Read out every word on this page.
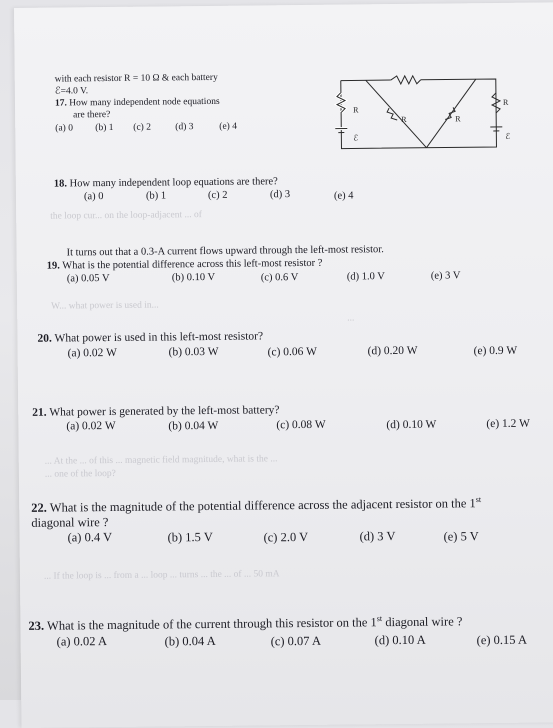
the loop cur... on the loop-adjacent ... of
W... what power is used in...
...
... At the ... of this ... magnetic field magnitude, what is the ...
... one of the loop?
... If the loop is ... from a ... loop ... turns ... the ... of ... 50 mA
with each resistor R = 10 Ω & each battery
ℰ=4.0 V.
17. How many independent node equations
are there?
(a) 0 (b) 1 (c) 2	(d) 3	(e) 4
R
R	R
R
ℰ	ℰ
18. How many independent loop equations are there?
(a) 0	(b) 1	(c) 2	(d) 3	(e) 4
It turns out that a 0.3-A current flows upward through the left-most resistor.
19. What is the potential difference across this left-most resistor ?
(a) 0.05 V	(b) 0.10 V	(c) 0.6 V	(d) 1.0 V	(e) 3 V
20. What power is used in this left-most resistor?
(a) 0.02 W	(b) 0.03 W	(c) 0.06 W	(d) 0.20 W	(e) 0.9 W
21. What power is generated by the left-most battery?
(a) 0.02 W	(b) 0.04 W	(c) 0.08 W	(d) 0.10 W	(e) 1.2 W
22. What is the magnitude of the potential difference across the adjacent resistor on the 1st
diagonal wire ?
(a) 0.4 V	(b) 1.5 V	(c) 2.0 V	(d) 3 V	(e) 5 V
23. What is the magnitude of the current through this resistor on the 1st diagonal wire ?
(a) 0.02 A	(b) 0.04 A	(c) 0.07 A	(d) 0.10 A	(e) 0.15 A
